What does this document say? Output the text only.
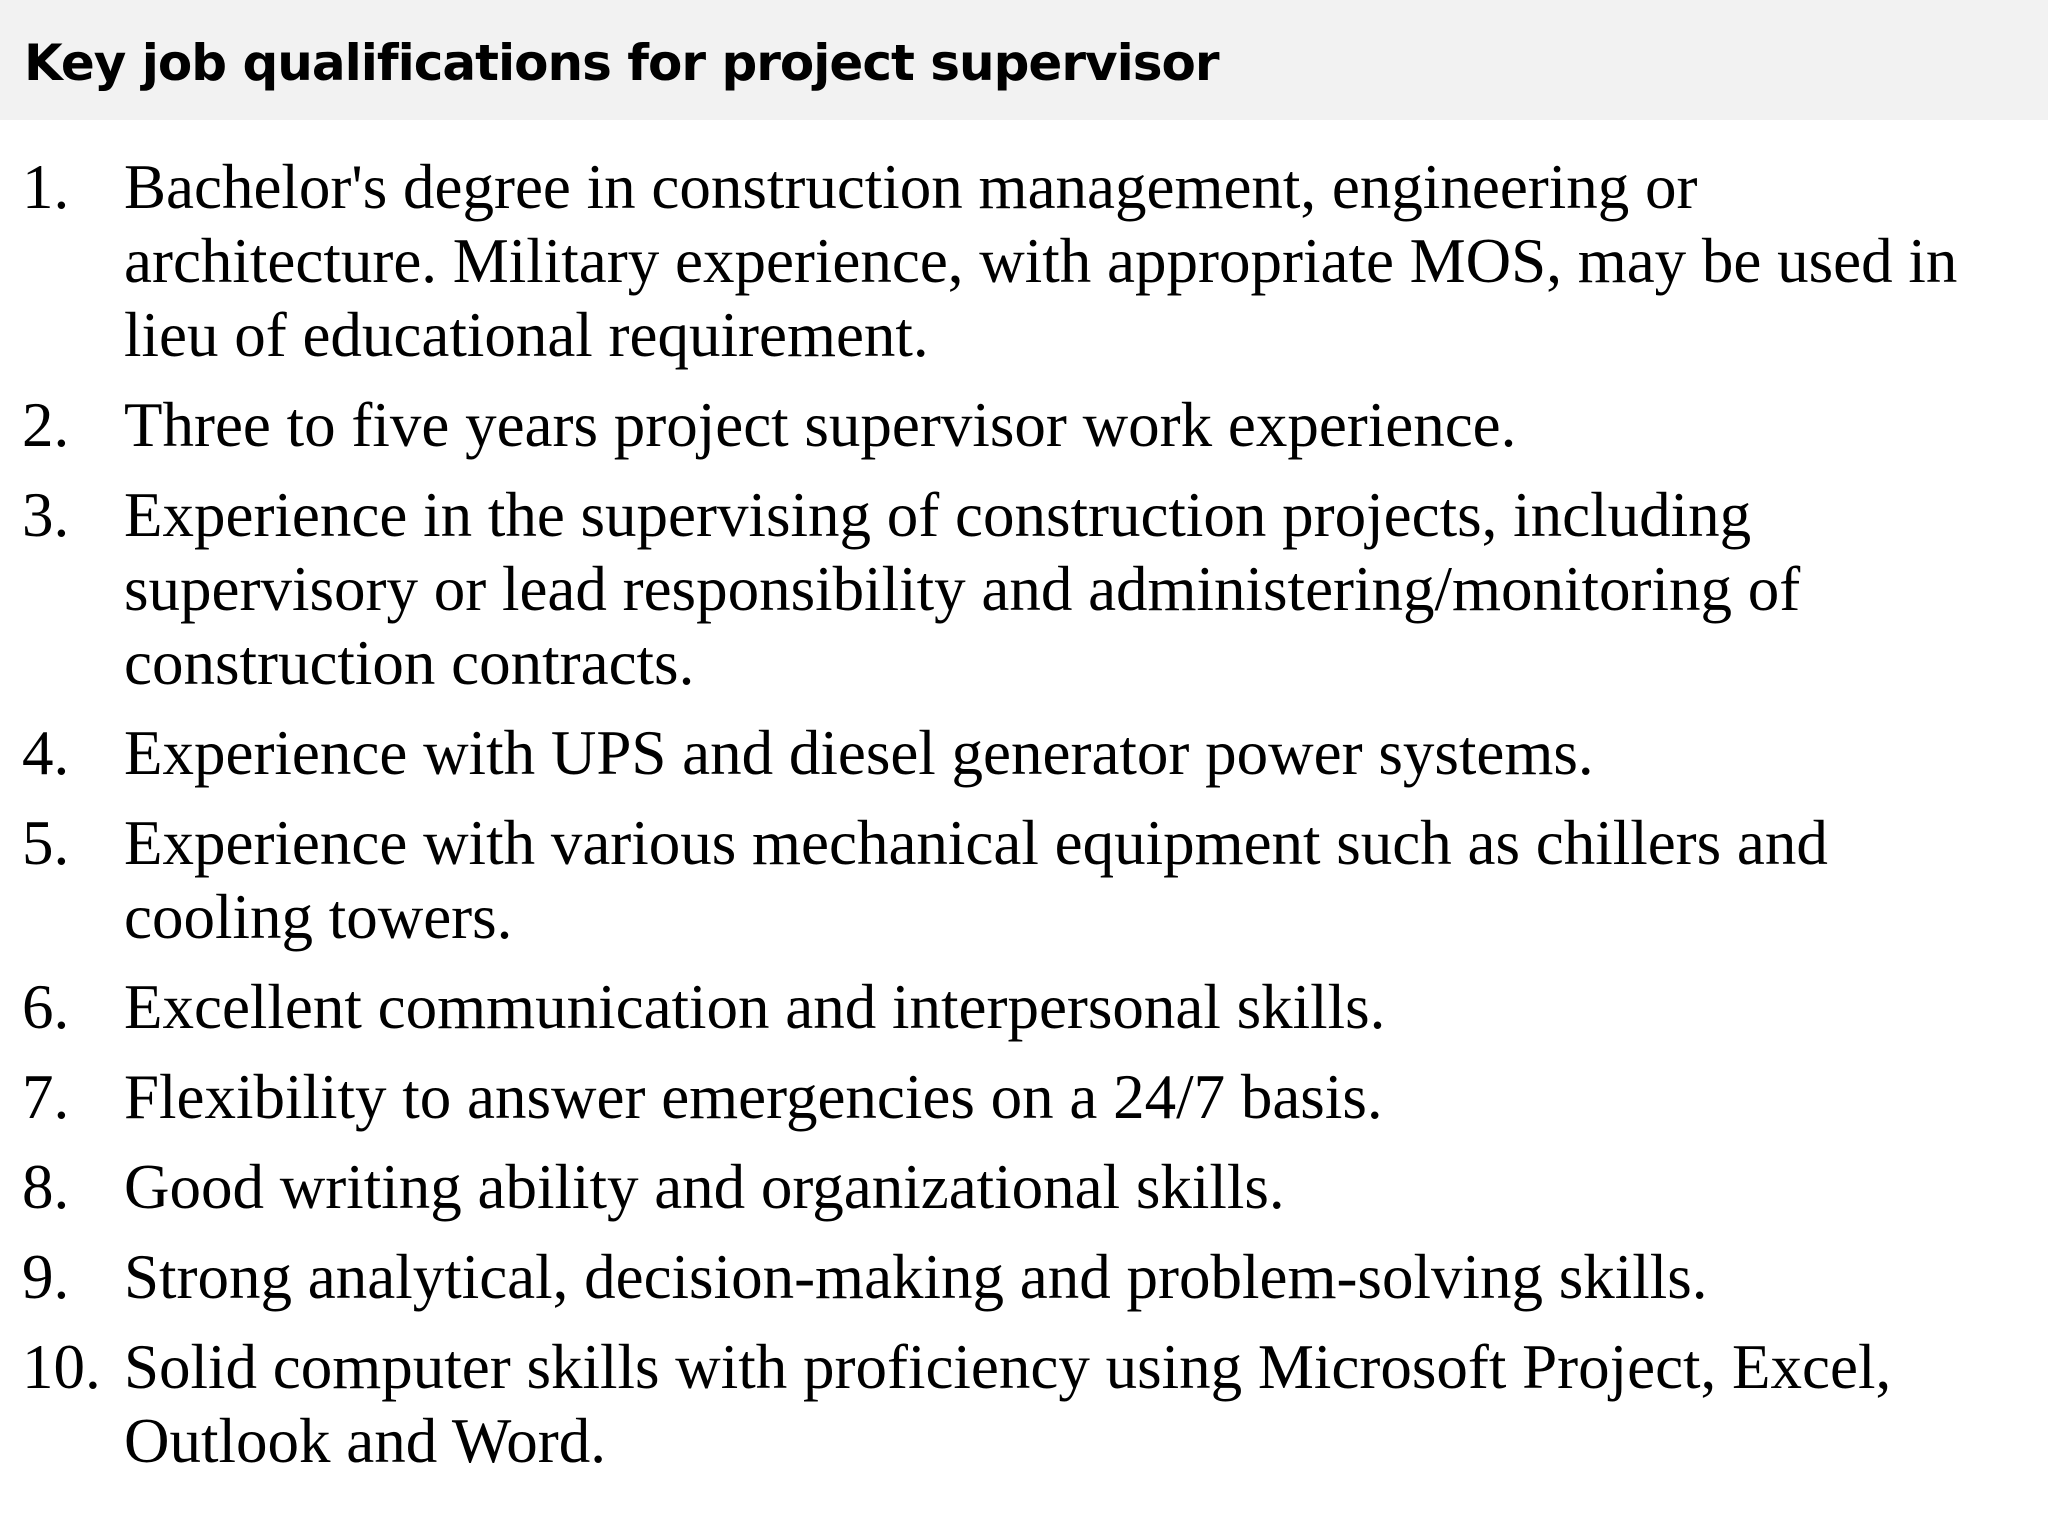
Key job qualifications for project supervisor
1. Bachelor's degree in construction management, engineering or architecture. Military experience, with appropriate MOS, may be used in lieu of educational requirement.
2. Three to five years project supervisor work experience.
3. Experience in the supervising of construction projects, including supervisory or lead responsibility and administering/monitoring of construction contracts.
4. Experience with UPS and diesel generator power systems.
5. Experience with various mechanical equipment such as chillers and cooling towers.
6. Excellent communication and interpersonal skills.
7. Flexibility to answer emergencies on a 24/7 basis.
8. Good writing ability and organizational skills.
9. Strong analytical, decision-making and problem-solving skills.
10. Solid computer skills with proficiency using Microsoft Project, Excel, Outlook and Word.
